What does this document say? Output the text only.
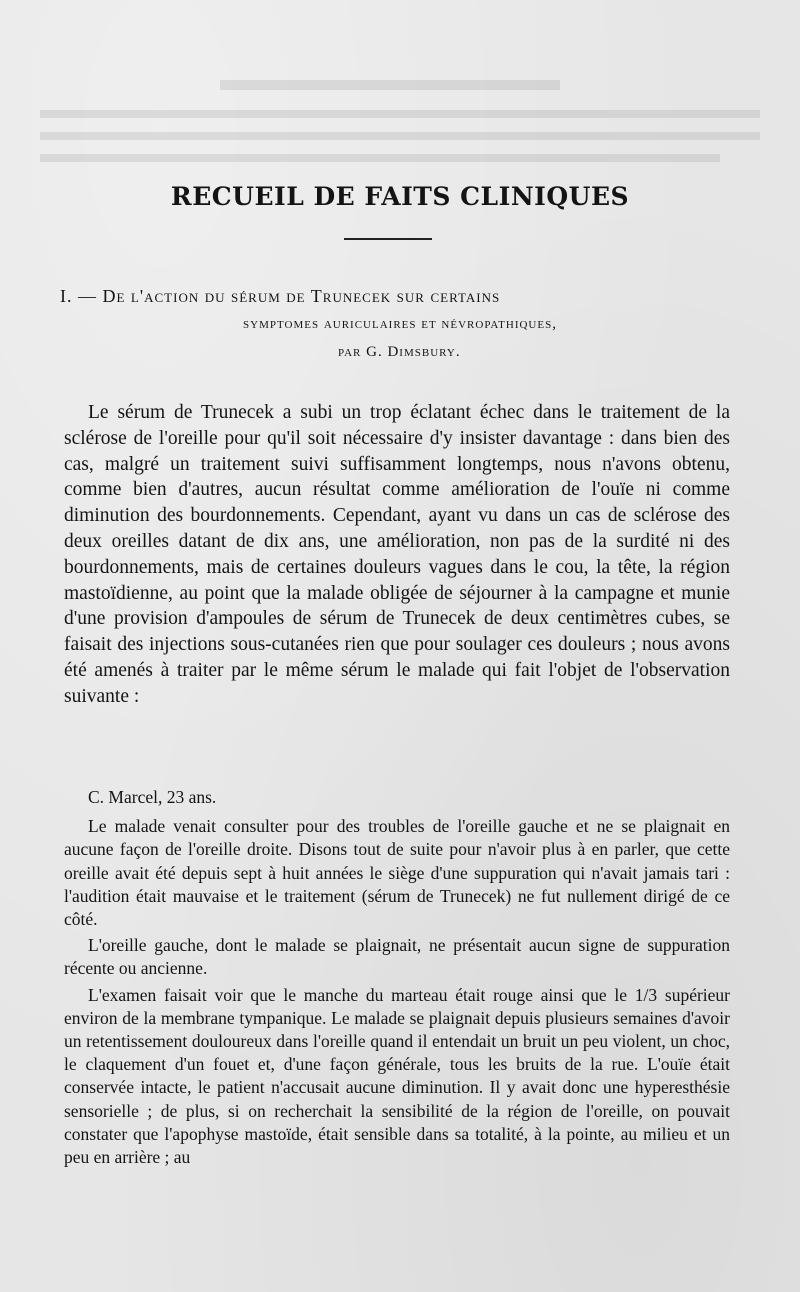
RECUEIL DE FAITS CLINIQUES
I. — De l'action du sérum de Trunecek sur certains
symptomes auriculaires et névropathiques,
par G. Dimsbury.

Le sérum de Trunecek a subi un trop éclatant échec dans le traitement de la sclérose de l'oreille pour qu'il soit nécessaire d'y insister davantage : dans bien des cas, malgré un traitement suivi suffisamment longtemps, nous n'avons obtenu, comme bien d'autres, aucun résultat comme amélioration de l'ouïe ni comme diminution des bourdonnements. Cependant, ayant vu dans un cas de sclérose des deux oreilles datant de dix ans, une amélioration, non pas de la surdité ni des bourdonnements, mais de certaines douleurs vagues dans le cou, la tête, la région mastoïdienne, au point que la malade obligée de séjourner à la campagne et munie d'une provision d'ampoules de sérum de Trunecek de deux centimètres cubes, se faisait des injections sous-cutanées rien que pour soulager ces douleurs ; nous avons été amenés à traiter par le même sérum le malade qui fait l'objet de l'observation suivante :

C. Marcel, 23 ans.

Le malade venait consulter pour des troubles de l'oreille gauche et ne se plaignait en aucune façon de l'oreille droite. Disons tout de suite pour n'avoir plus à en parler, que cette oreille avait été depuis sept à huit années le siège d'une suppuration qui n'avait jamais tari : l'audition était mauvaise et le traitement (sérum de Trunecek) ne fut nullement dirigé de ce côté.

L'oreille gauche, dont le malade se plaignait, ne présentait aucun signe de suppuration récente ou ancienne.

L'examen faisait voir que le manche du marteau était rouge ainsi que le 1/3 supérieur environ de la membrane tympanique. Le malade se plaignait depuis plusieurs semaines d'avoir un retentissement douloureux dans l'oreille quand il entendait un bruit un peu violent, un choc, le claquement d'un fouet et, d'une façon générale, tous les bruits de la rue. L'ouïe était conservée intacte, le patient n'accusait aucune diminution. Il y avait donc une hyperesthésie sensorielle ; de plus, si on recherchait la sensibilité de la région de l'oreille, on pouvait constater que l'apophyse mastoïde, était sensible dans sa totalité, à la pointe, au milieu et un peu en arrière ; au
